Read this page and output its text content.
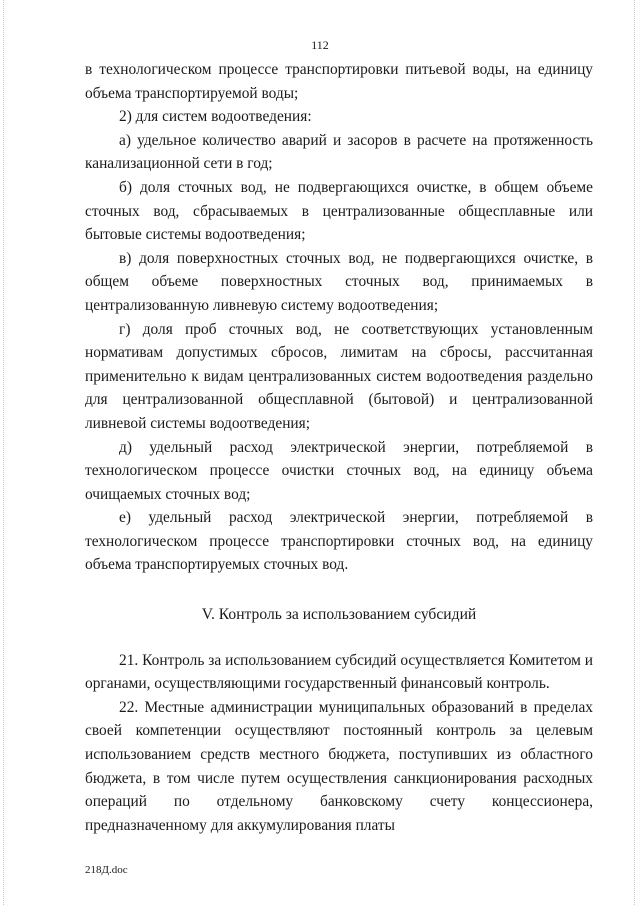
112

в технологическом процессе транспортировки питьевой воды, на единицу объема транспортируемой воды;

2) для систем водоотведения:

а) удельное количество аварий и засоров в расчете на протяженность канализационной сети в год;

б) доля сточных вод, не подвергающихся очистке, в общем объеме сточных вод, сбрасываемых в централизованные общесплавные или бытовые системы водоотведения;

в) доля поверхностных сточных вод, не подвергающихся очистке, в общем объеме поверхностных сточных вод, принимаемых в централизованную ливневую систему водоотведения;

г) доля проб сточных вод, не соответствующих установленным нормативам допустимых сбросов, лимитам на сбросы, рассчитанная применительно к видам централизованных систем водоотведения раздельно для централизованной общесплавной (бытовой) и централизованной ливневой системы водоотведения;

д) удельный расход электрической энергии, потребляемой в технологическом процессе очистки сточных вод, на единицу объема очищаемых сточных вод;

е) удельный расход электрической энергии, потребляемой в технологическом процессе транспортировки сточных вод, на единицу объема транспортируемых сточных вод.

V. Контроль за использованием субсидий

21. Контроль за использованием субсидий осуществляется Комитетом и органами, осуществляющими государственный финансовый контроль.

22. Местные администрации муниципальных образований в пределах своей компетенции осуществляют постоянный контроль за целевым использованием средств местного бюджета, поступивших из областного бюджета, в том числе путем осуществления санкционирования расходных операций по отдельному банковскому счету концессионера, предназначенному для аккумулирования платы

218Д.doc
